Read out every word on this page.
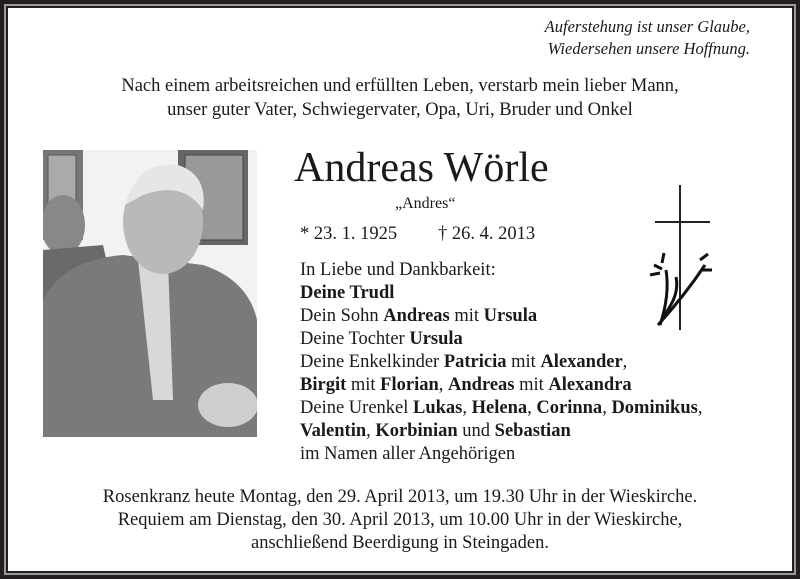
Auferstehung ist unser Glaube,
Wiedersehen unsere Hoffnung.
Nach einem arbeitsreichen und erfüllten Leben, verstarb mein lieber Mann,
unser guter Vater, Schwiegervater, Opa, Uri, Bruder und Onkel
Andreas Wörle
„Andres“
* 23. 1. 1925 † 26. 4. 2013
In Liebe und Dankbarkeit:
Deine Trudl
Dein Sohn Andreas mit Ursula
Deine Tochter Ursula
Deine Enkelkinder Patricia mit Alexander,
Birgit mit Florian, Andreas mit Alexandra
Deine Urenkel Lukas, Helena, Corinna, Dominikus,
Valentin, Korbinian und Sebastian
im Namen aller Angehörigen
Rosenkranz heute Montag, den 29. April 2013, um 19.30 Uhr in der Wieskirche.
Requiem am Dienstag, den 30. April 2013, um 10.00 Uhr in der Wieskirche,
anschließend Beerdigung in Steingaden.
